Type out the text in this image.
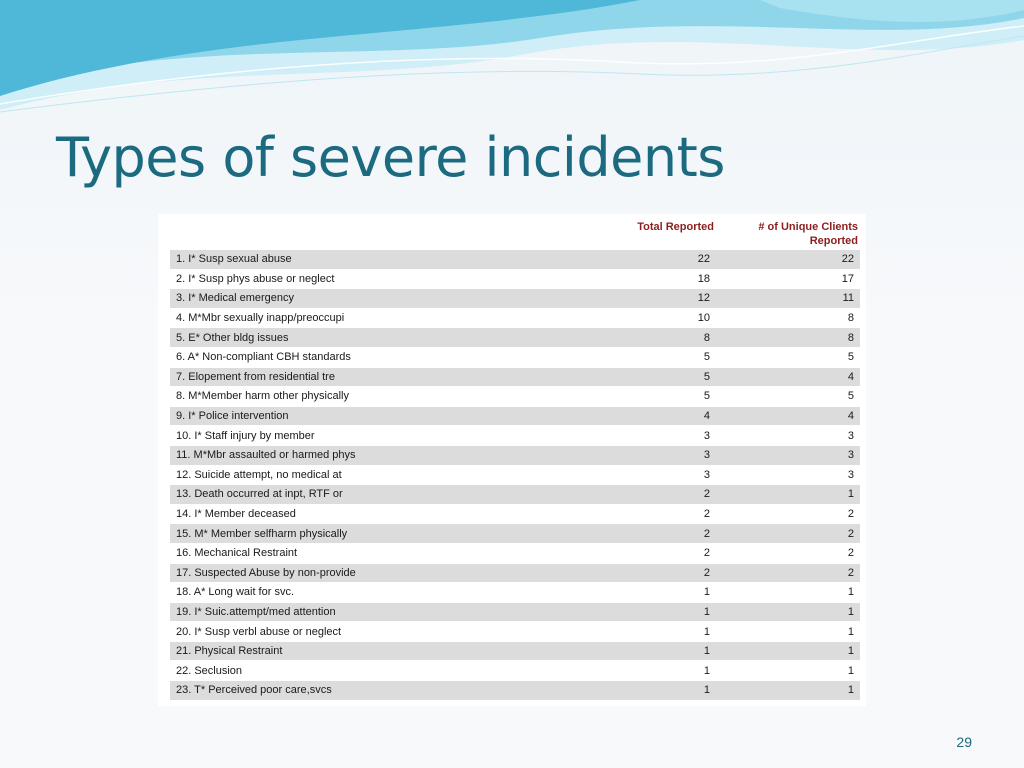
Types of severe incidents
	Total Reported	# of Unique Clients
Reported
1. I* Susp sexual abuse	22	22
2. I* Susp phys abuse or neglect	18	17
3. I* Medical emergency	12	11
4. M*Mbr sexually inapp/preoccupi	10	8
5. E* Other bldg issues	8	8
6. A* Non-compliant CBH standards	5	5
7. Elopement from residential tre	5	4
8. M*Member harm other physically	5	5
9. I* Police intervention	4	4
10. I* Staff injury by member	3	3
11. M*Mbr assaulted or harmed phys	3	3
12. Suicide attempt, no medical at	3	3
13. Death occurred at inpt, RTF or	2	1
14. I* Member deceased	2	2
15. M* Member selfharm physically	2	2
16. Mechanical Restraint	2	2
17. Suspected Abuse by non-provide	2	2
18. A* Long wait for svc.	1	1
19. I* Suic.attempt/med attention	1	1
20. I* Susp verbl abuse or neglect	1	1
21. Physical Restraint	1	1
22. Seclusion	1	1
23. T* Perceived poor care,svcs	1	1
29
